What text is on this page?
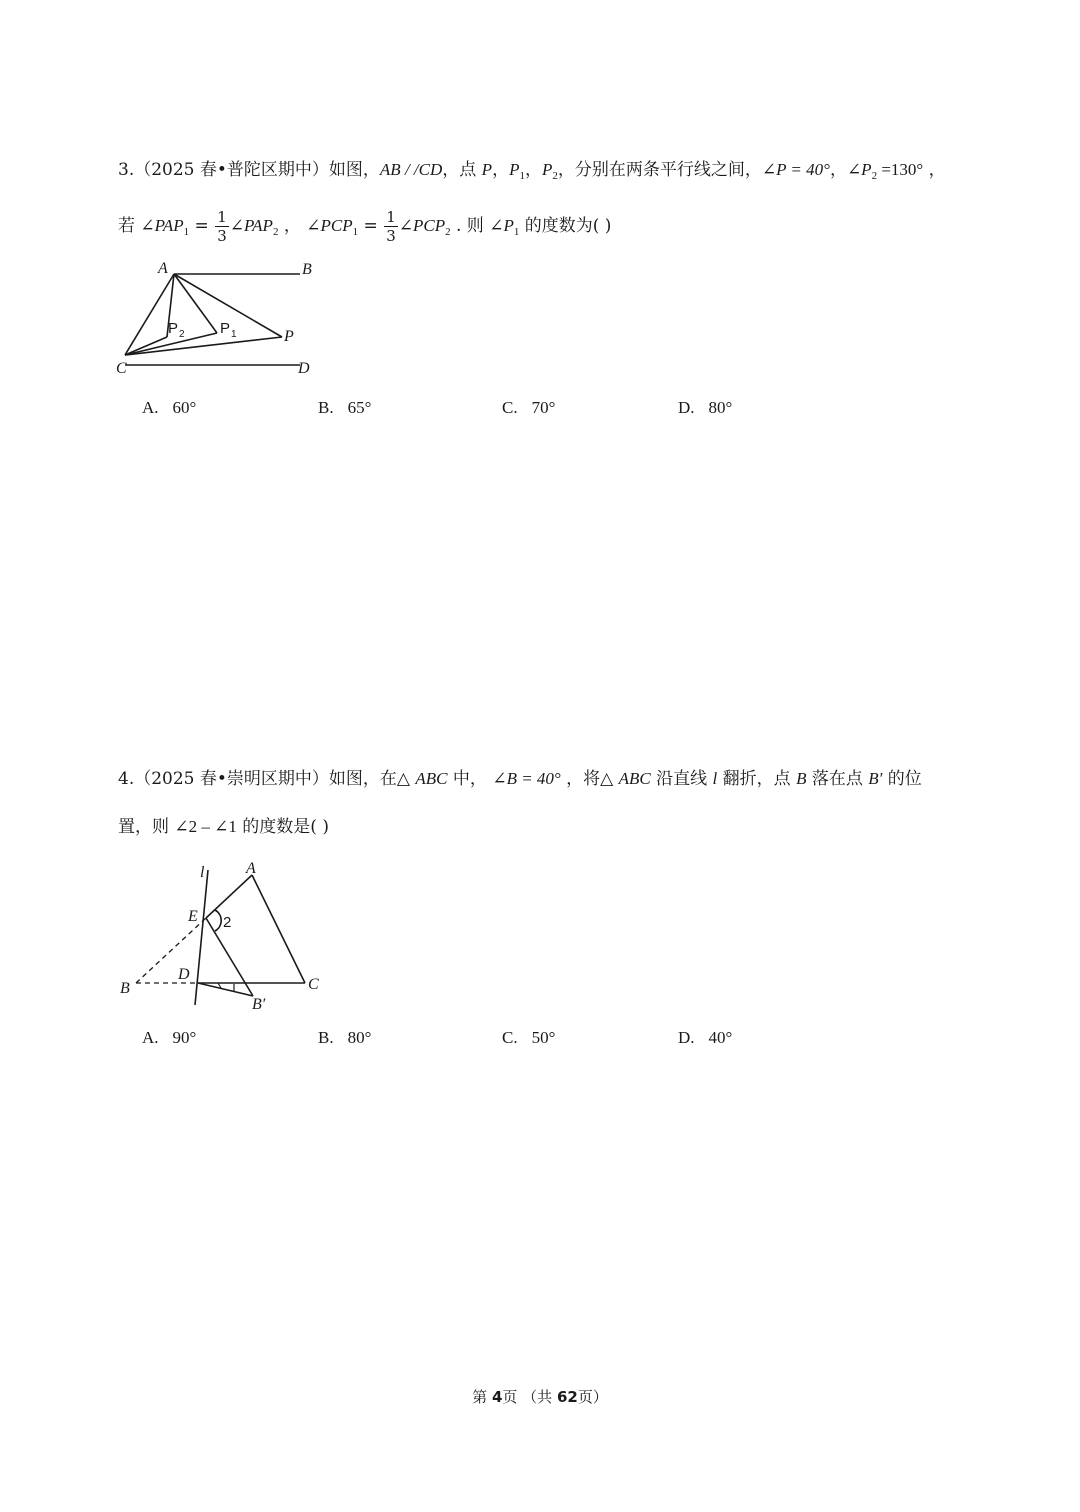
3.（2025 春•普陀区期中）如图，AB / /CD，点 P，$P_1$，$P_2$，分别在两条平行线之间，∠P = 40°，$\angle P_2 =130^\circ$ ，
若 $\angle PAP_1 = \frac{1}{3}$ $\angle PAP_2$ ， $\angle PCP_1 = \frac{1}{3}$ $\angle PCP_2$ . 则 $\angle P_1$ 的度数为( )
A	B
C	D
P
P 1
P 2
A. 60°	B. 65°	C. 70°	D. 80°
4.（2025 春•崇明区期中）如图，在△ ABC 中， ∠B = 40° ，将△ ABC 沿直线 l 翻折，点 B 落在点 B' 的位
置，则 ∠2 – ∠1 的度数是( )
l	A
E 2
B
D
C
B′
A. 90°	B. 80°	C. 50°	D. 40°
第 4页 （共 62页）
